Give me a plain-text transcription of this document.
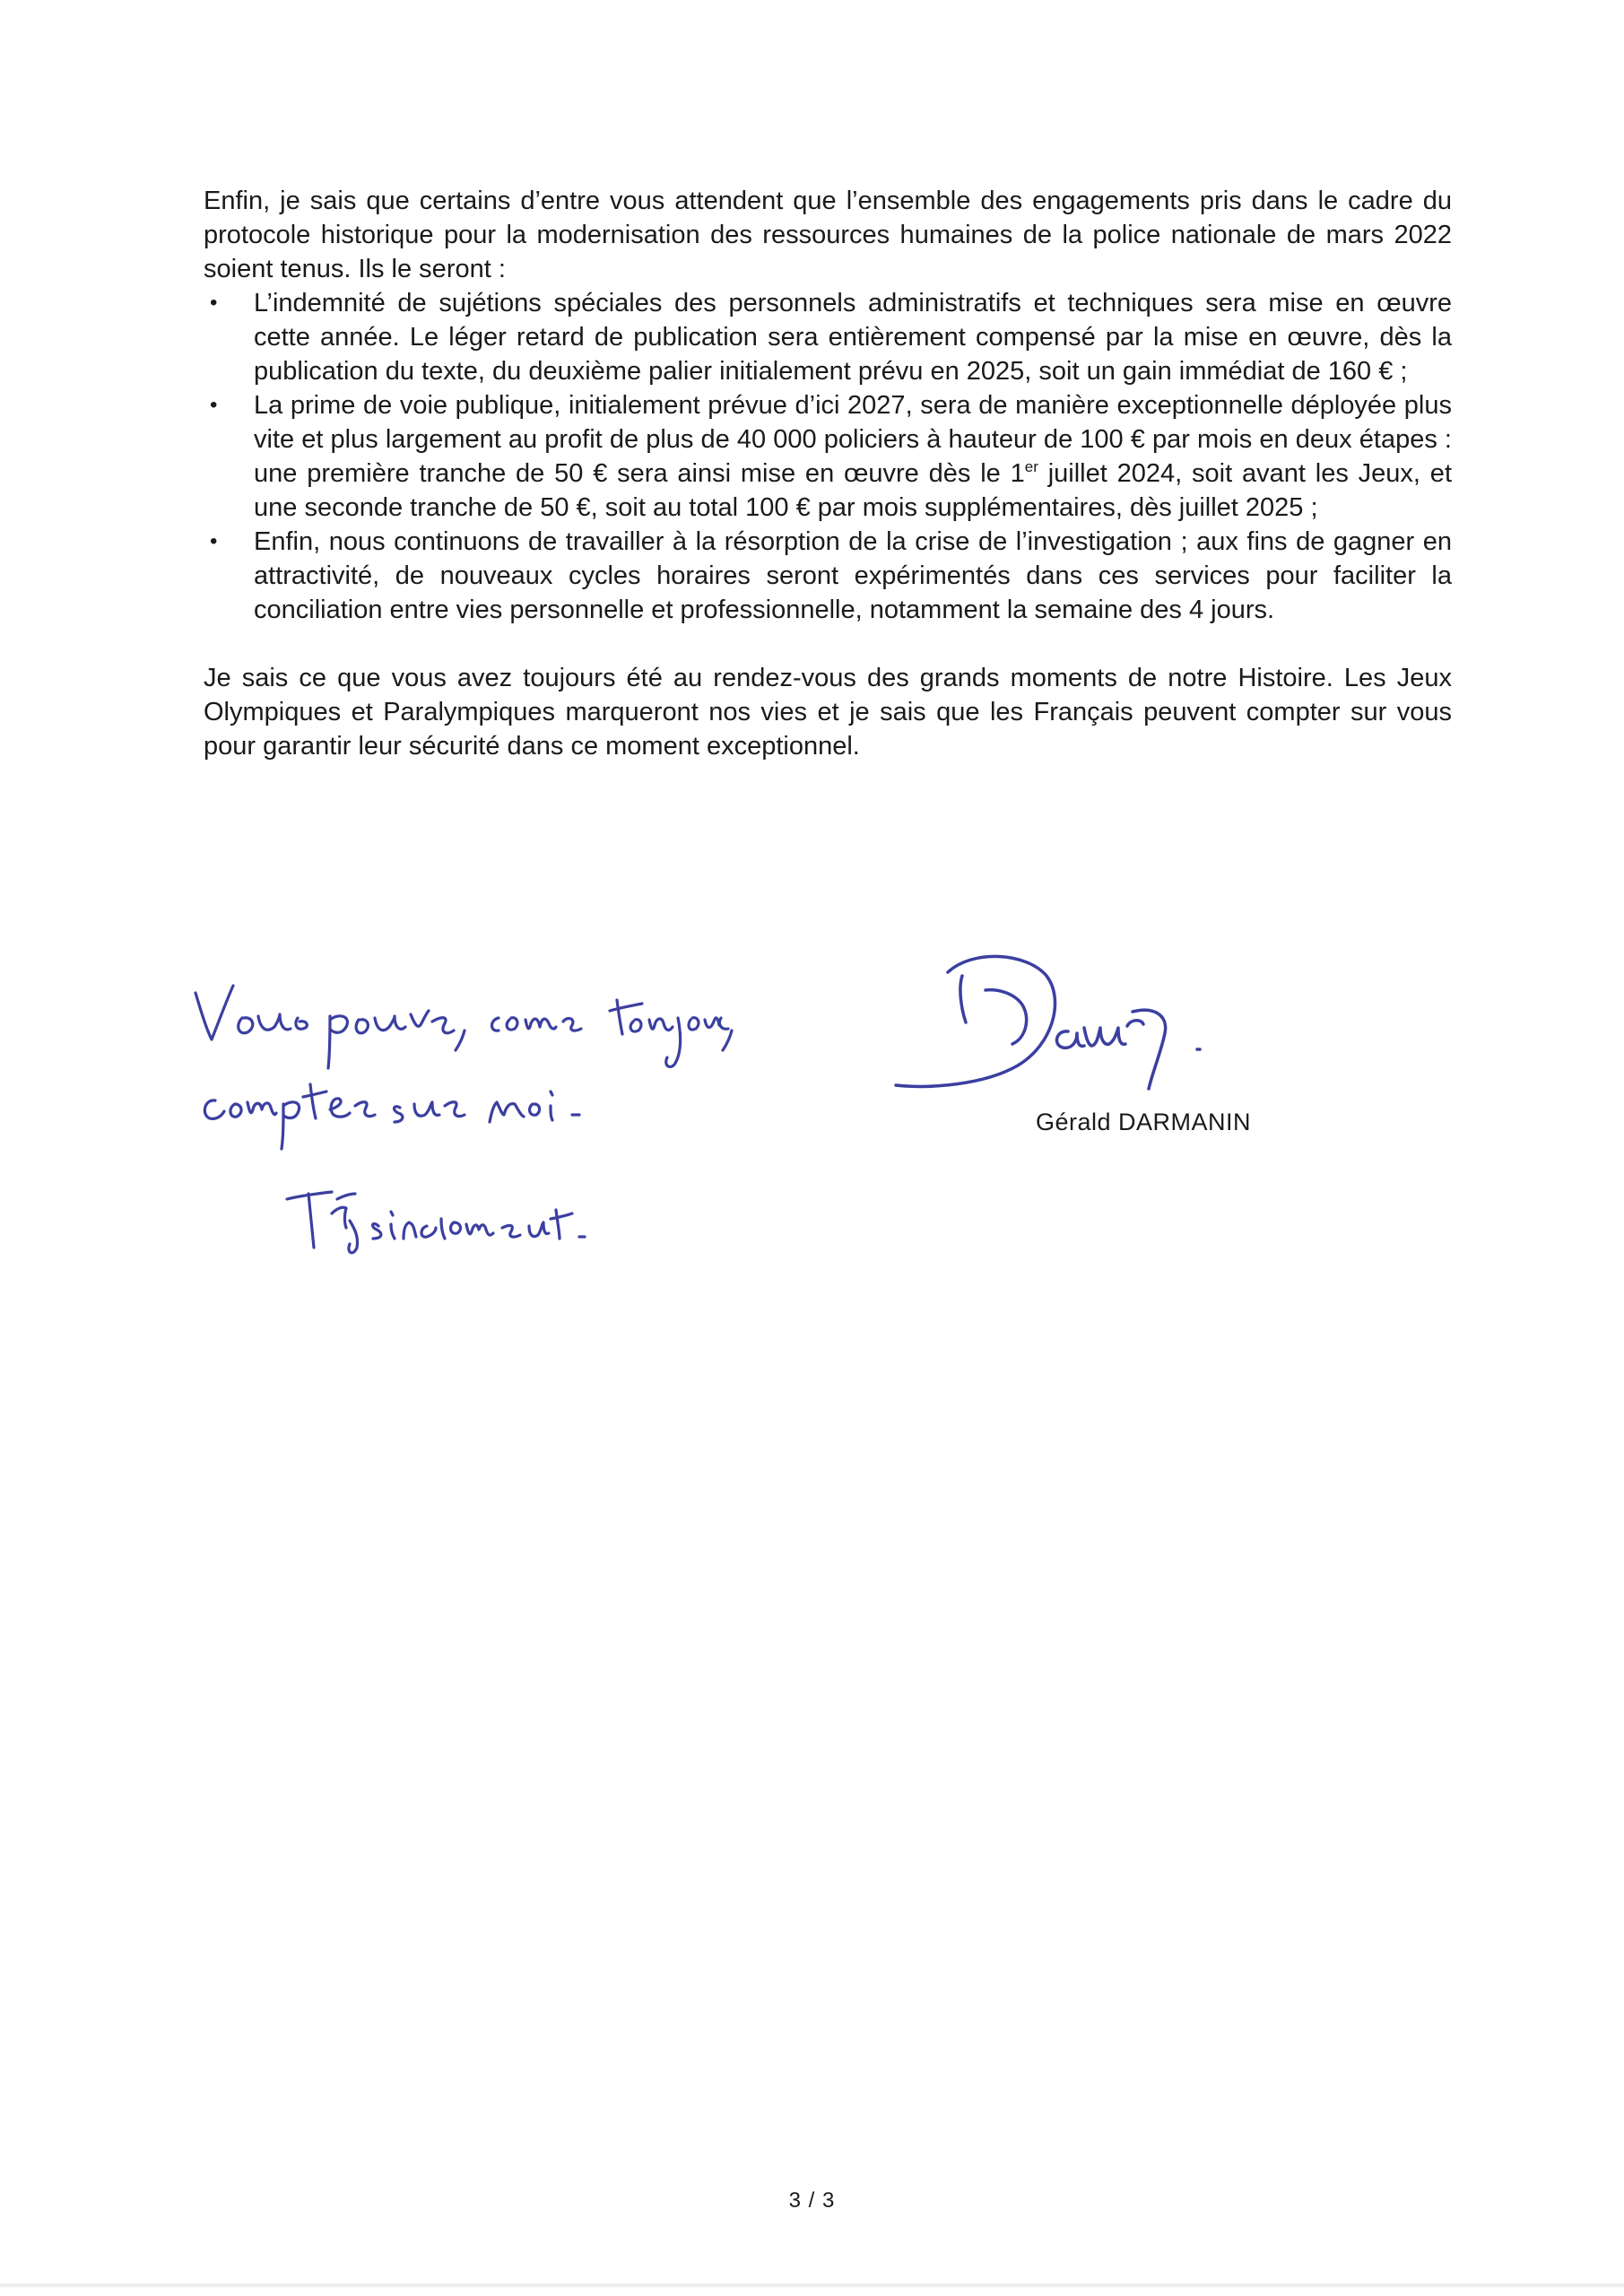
Enfin, je sais que certains d’entre vous attendent que l’ensemble des engagements pris dans le cadre du protocole historique pour la modernisation des ressources humaines de la police nationale de mars 2022 soient tenus. Ils le seront :

• L’indemnité de sujétions spéciales des personnels administratifs et techniques sera mise en œuvre cette année. Le léger retard de publication sera entièrement compensé par la mise en œuvre, dès la publication du texte, du deuxième palier initialement prévu en 2025, soit un gain immédiat de 160 € ;
• La prime de voie publique, initialement prévue d’ici 2027, sera de manière exceptionnelle déployée plus vite et plus largement au profit de plus de 40 000 policiers à hauteur de 100 € par mois en deux étapes : une première tranche de 50 € sera ainsi mise en œuvre dès le 1er juillet 2024, soit avant les Jeux, et une seconde tranche de 50 €, soit au total 100 € par mois supplémentaires, dès juillet 2025 ;
• Enfin, nous continuons de travailler à la résorption de la crise de l’investigation ; aux fins de gagner en attractivité, de nouveaux cycles horaires seront expérimentés dans ces services pour faciliter la conciliation entre vies personnelle et professionnelle, notamment la semaine des 4 jours.

Je sais ce que vous avez toujours été au rendez-vous des grands moments de notre Histoire. Les Jeux Olympiques et Paralympiques marqueront nos vies et je sais que les Français peuvent compter sur vous pour garantir leur sécurité dans ce moment exceptionnel.

Gérald DARMANIN
3 / 3
